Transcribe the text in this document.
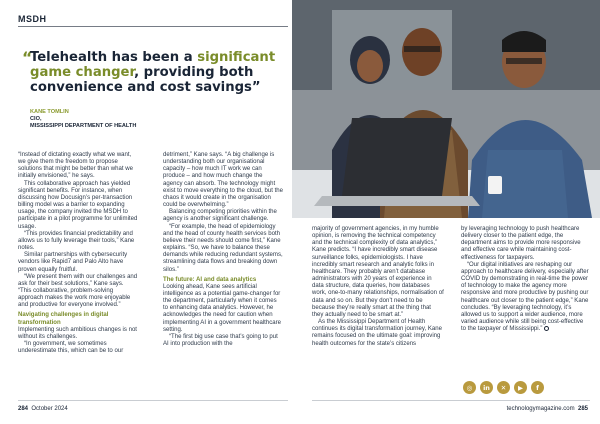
MSDH
“
Telehealth has been a significant game changer, providing both convenience and cost savings”
KANE TOMLIN
CIO,
MISSISSIPPI DEPARTMENT OF HEALTH

“Instead of dictating exactly what we want, we give them the freedom to propose solutions that might be better than what we initially envisioned,” he says.

This collaborative approach has yielded significant benefits. For instance, when discussing how Docusign’s per-transaction billing model was a barrier to expanding usage, the company invited the MSDH to participate in a pilot programme for unlimited usage.

“This provides financial predictability and allows us to fully leverage their tools,” Kane notes.

Similar partnerships with cybersecurity vendors like Rapid7 and Palo Alto have proven equally fruitful.

“We present them with our challenges and ask for their best solutions,” Kane says. “This collaborative, problem-solving approach makes the work more enjoyable and productive for everyone involved.”

Navigating challenges in digital transformation

Implementing such ambitious changes is not without its challenges.

“In government, we sometimes underestimate this, which can be to our

detriment,” Kane says. “A big challenge is understanding both our organisational capacity – how much IT work we can produce – and how much change the agency can absorb. The technology might exist to move everything to the cloud, but the chaos it would create in the organisation could be overwhelming.”

Balancing competing priorities within the agency is another significant challenge.

“For example, the head of epidemiology and the head of county health services both believe their needs should come first,” Kane explains. “So, we have to balance these demands while reducing redundant systems, streamlining data flows and breaking down silos.”

The future: AI and data analytics

Looking ahead, Kane sees artificial intelligence as a potential game-changer for the department, particularly when it comes to enhancing data analytics. However, he acknowledges the need for caution when implementing AI in a government healthcare setting.

“The first big use case that’s going to put AI into production with the

majority of government agencies, in my humble opinion, is removing the technical competency and the technical complexity of data analytics,” Kane predicts. “I have incredibly smart disease surveillance folks, epidemiologists. I have incredibly smart research and analytic folks in healthcare. They probably aren’t database administrators with 20 years of experience in data structure, data queries, how databases work, one-to-many relationships, normalisation of data and so on. But they don’t need to be because they’re really smart at the thing that they actually need to be smart at.”

As the Mississippi Department of Health continues its digital transformation journey, Kane remains focused on the ultimate goal: improving health outcomes for the state’s citizens

by leveraging technology to push healthcare delivery closer to the patient edge, the department aims to provide more responsive and effective care while maintaining cost-effectiveness for taxpayers.

“Our digital initiatives are reshaping our approach to healthcare delivery, especially after COVID by demonstrating in real-time the power of technology to make the agency more responsive and more productive by pushing our healthcare out closer to the patient edge,” Kane concludes. “By leveraging technology, it’s allowed us to support a wider audience, more varied audience while still being cost-effective to the taxpayer of Mississippi.”

◎	in	✕	▶	f
284 October 2024	technologymagazine.com 285
